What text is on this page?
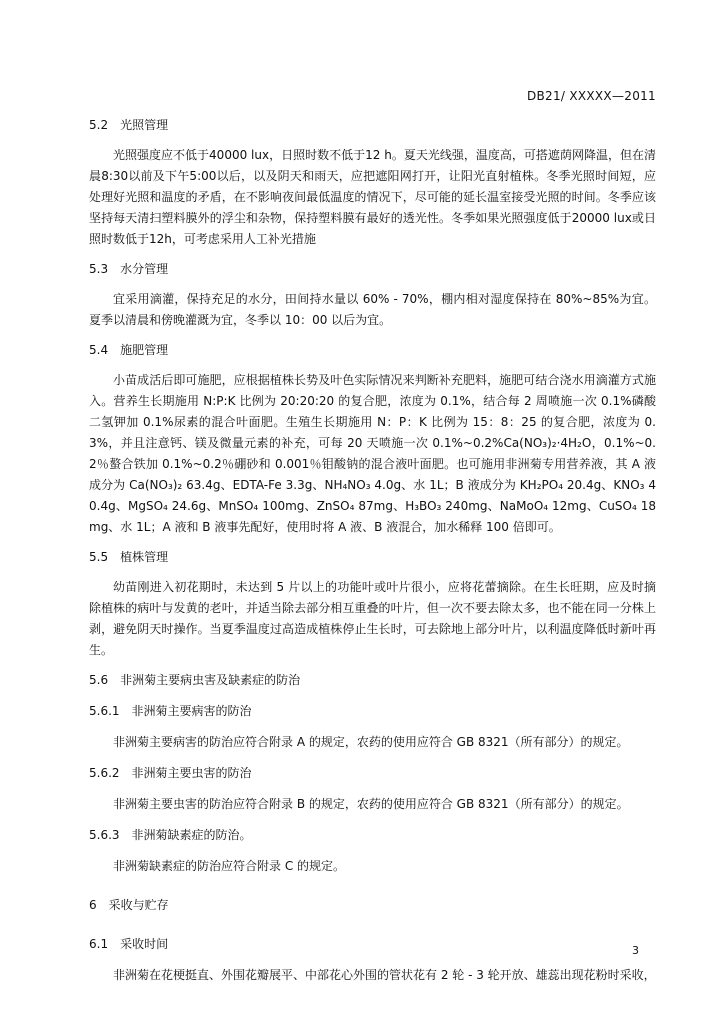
DB21/ XXXXX—2011

5.2 光照管理

光照强度应不低于40000 lux，日照时数不低于12 h。夏天光线强，温度高，可搭遮荫网降温，但在清晨8:30以前及下午5:00以后，以及阴天和雨天，应把遮阳网打开，让阳光直射植株。冬季光照时间短，应处理好光照和温度的矛盾，在不影响夜间最低温度的情况下，尽可能的延长温室接受光照的时间。冬季应该坚持每天清扫塑料膜外的浮尘和杂物，保持塑料膜有最好的透光性。冬季如果光照强度低于20000 lux或日照时数低于12h，可考虑采用人工补光措施

5.3 水分管理

宜采用滴灌，保持充足的水分，田间持水量以 60% - 70%，棚内相对湿度保持在 80%~85%为宜。夏季以清晨和傍晚灌溉为宜，冬季以 10：00 以后为宜。

5.4 施肥管理

小苗成活后即可施肥，应根据植株长势及叶色实际情况来判断补充肥料，施肥可结合浇水用滴灌方式施入。营养生长期施用 N:P:K 比例为 20:20:20 的复合肥，浓度为 0.1%，结合每 2 周喷施一次 0.1%磷酸二氢钾加 0.1%尿素的混合叶面肥。生殖生长期施用 N：P：K 比例为 15：8：25 的复合肥，浓度为 0.3%，并且注意钙、镁及微量元素的补充，可每 20 天喷施一次 0.1%~0.2%Ca(NO₃)₂·4H₂O，0.1%~0.2％螯合铁加 0.1%~0.2％硼砂和 0.001％钼酸钠的混合液叶面肥。也可施用非洲菊专用营养液，其 A 液成分为 Ca(NO₃)₂ 63.4g、EDTA-Fe 3.3g、NH₄NO₃ 4.0g、水 1L；B 液成分为 KH₂PO₄ 20.4g、KNO₃ 40.4g、MgSO₄ 24.6g、MnSO₄ 100mg、ZnSO₄ 87mg、H₃BO₃ 240mg、NaMoO₄ 12mg、CuSO₄ 18mg、水 1L；A 液和 B 液事先配好，使用时将 A 液、B 液混合，加水稀释 100 倍即可。

5.5 植株管理

幼苗刚进入初花期时，未达到 5 片以上的功能叶或叶片很小，应将花蕾摘除。在生长旺期，应及时摘除植株的病叶与发黄的老叶，并适当除去部分相互重叠的叶片，但一次不要去除太多，也不能在同一分株上剥，避免阴天时操作。当夏季温度过高造成植株停止生长时，可去除地上部分叶片，以利温度降低时新叶再生。

5.6 非洲菊主要病虫害及缺素症的防治

5.6.1 非洲菊主要病害的防治

非洲菊主要病害的防治应符合附录 A 的规定，农药的使用应符合 GB 8321（所有部分）的规定。

5.6.2 非洲菊主要虫害的防治

非洲菊主要虫害的防治应符合附录 B 的规定，农药的使用应符合 GB 8321（所有部分）的规定。

5.6.3 非洲菊缺素症的防治。

非洲菊缺素症的防治应符合附录 C 的规定。

6 采收与贮存

6.1 采收时间

非洲菊在花梗挺直、外围花瓣展平、中部花心外围的管状花有 2 轮 - 3 轮开放、雄蕊出现花粉时采收，

3
